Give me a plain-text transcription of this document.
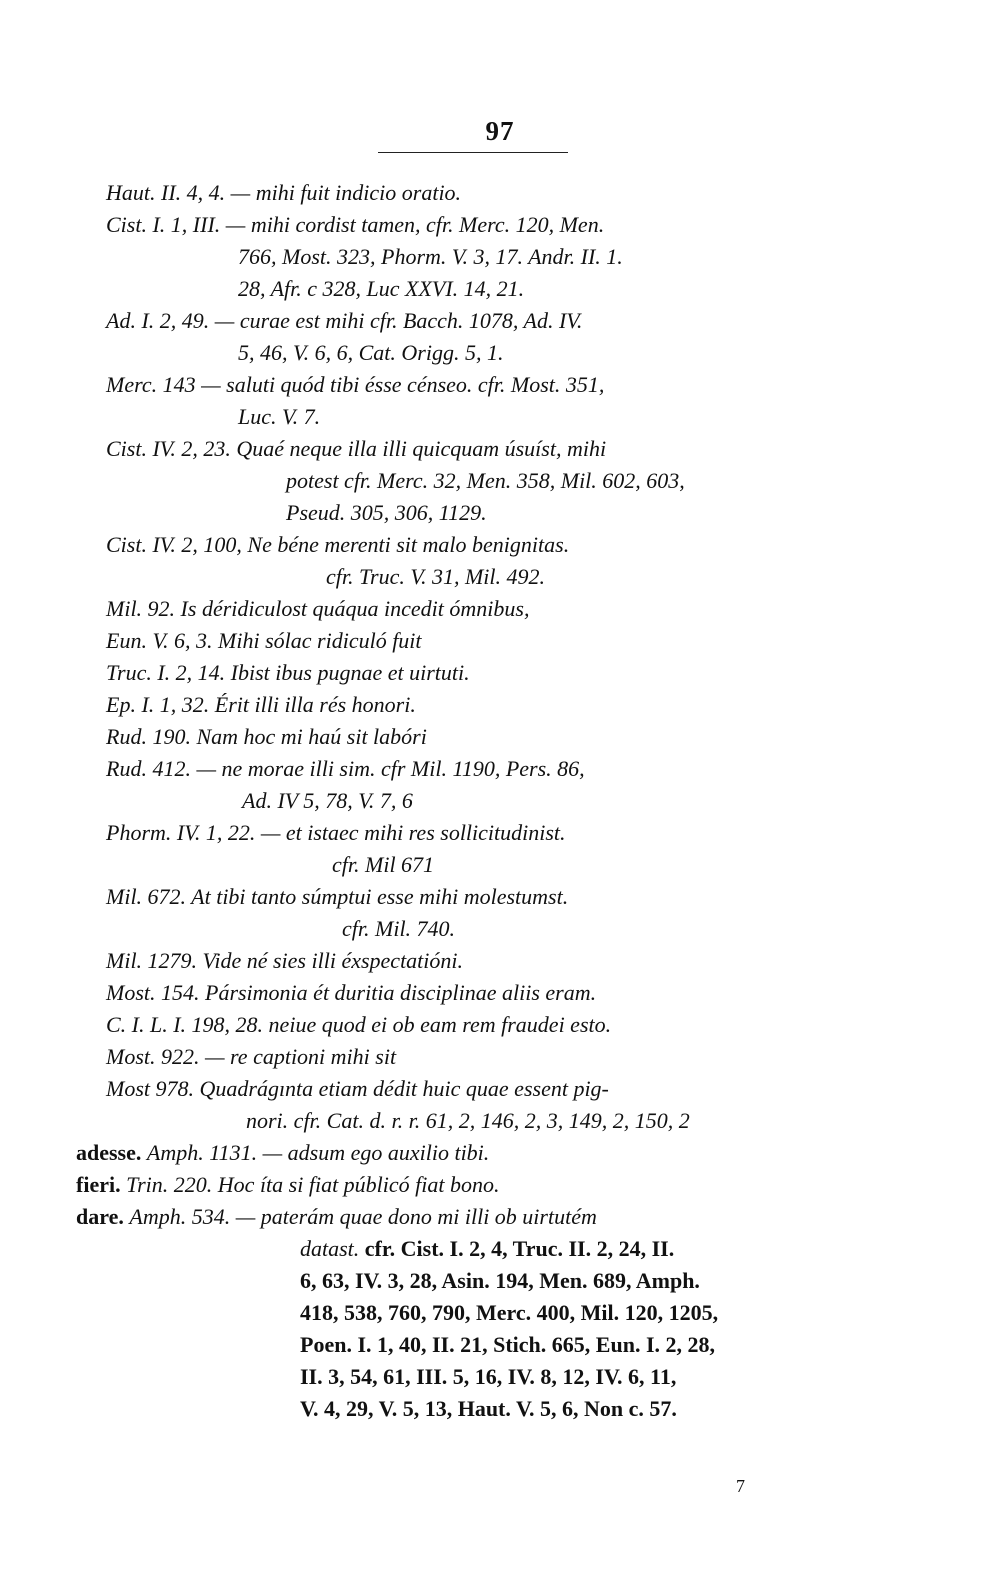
97
Haut. II. 4, 4. — mihi fuit indicio oratio.
Cist. I. 1, III. — mihi cordist tamen, cfr. Merc. 120, Men.
766, Most. 323, Phorm. V. 3, 17. Andr. II. 1.
28, Afr. c 328, Luc XXVI. 14, 21.
Ad. I. 2, 49. — curae est mihi cfr. Bacch. 1078, Ad. IV.
5, 46, V. 6, 6, Cat. Origg. 5, 1.
Merc. 143 — saluti quód tibi ésse cénseo. cfr. Most. 351,
Luc. V. 7.
Cist. IV. 2, 23. Quaé neque illa illi quicquam úsuíst, mihi
potest cfr. Merc. 32, Men. 358, Mil. 602, 603,
Pseud. 305, 306, 1129.
Cist. IV. 2, 100, Ne béne merenti sit malo benignitas.
cfr. Truc. V. 31, Mil. 492.
Mil. 92. Is déridiculost quáqua incedit ómnibus,
Eun. V. 6, 3. Mihi sólac ridiculó fuit
Truc. I. 2, 14. Ibist ibus pugnae et uirtuti.
Ep. I. 1, 32. Érit illi illa rés honori.
Rud. 190. Nam hoc mi haú sit labóri
Rud. 412. — ne morae illi sim. cfr Mil. 1190, Pers. 86,
Ad. IV 5, 78, V. 7, 6
Phorm. IV. 1, 22. — et istaec mihi res sollicitudinist.
cfr. Mil 671
Mil. 672. At tibi tanto súmptui esse mihi molestumst.
cfr. Mil. 740.
Mil. 1279. Vide né sies illi éxspectatióni.
Most. 154. Pársimonia ét duritia disciplinae aliis eram.
C. I. L. I. 198, 28. neiue quod ei ob eam rem fraudei esto.
Most. 922. — re captioni mihi sit
Most 978. Quadrágınta etiam dédit huic quae essent pig-
nori. cfr. Cat. d. r. r. 61, 2, 146, 2, 3, 149, 2, 150, 2
adesse. Amph. 1131. — adsum ego auxilio tibi.
fieri. Trin. 220. Hoc íta si fiat públicó fiat bono.
dare. Amph. 534. — paterám quae dono mi illi ob uirtutém
datast. cfr. Cist. I. 2, 4, Truc. II. 2, 24, II.
6, 63, IV. 3, 28, Asin. 194, Men. 689, Amph.
418, 538, 760, 790, Merc. 400, Mil. 120, 1205,
Poen. I. 1, 40, II. 21, Stich. 665, Eun. I. 2, 28,
II. 3, 54, 61, III. 5, 16, IV. 8, 12, IV. 6, 11,
V. 4, 29, V. 5, 13, Haut. V. 5, 6, Non c. 57.
7
